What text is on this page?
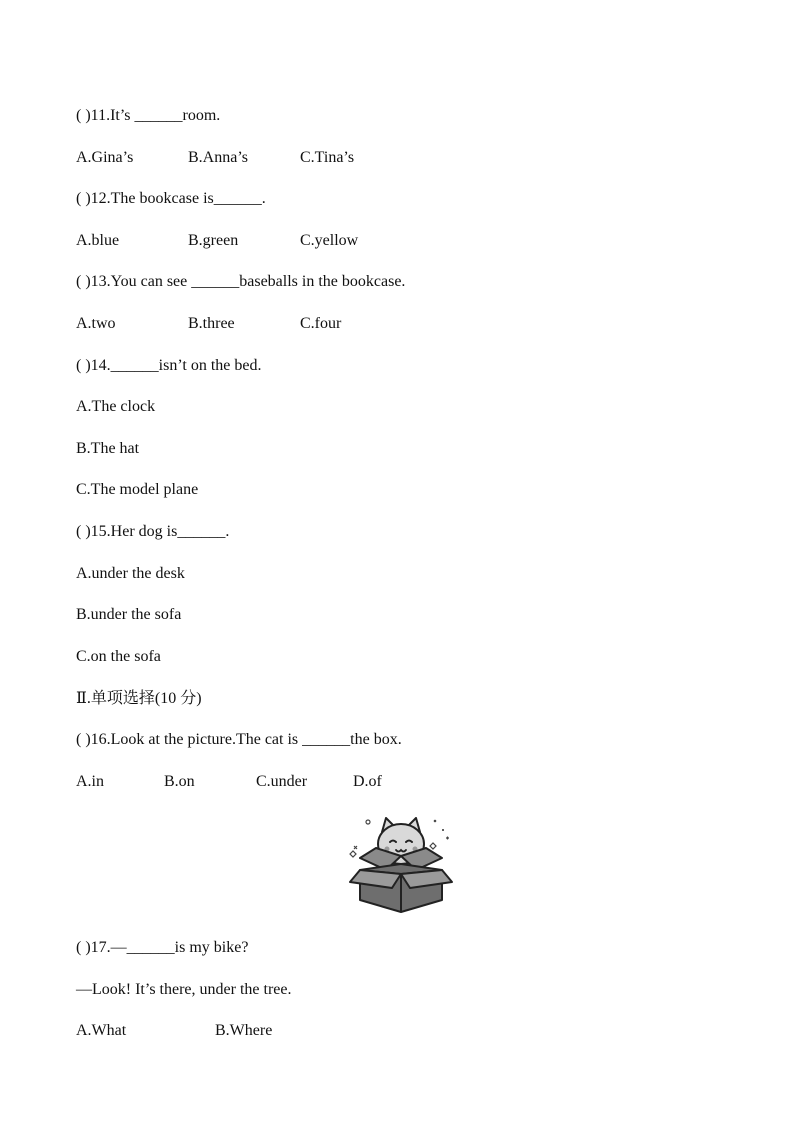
( )11.It’s ______room.
A.Gina’s	B.Anna’s	C.Tina’s
( )12.The bookcase is______.
A.blue	B.green	C.yellow
( )13.You can see ______baseballs in the bookcase.
A.two	B.three	C.four
( )14.______isn’t on the bed.
A.The clock
B.The hat
C.The model plane
( )15.Her dog is______.
A.under the desk
B.under the sofa
C.on the sofa
Ⅱ.单项选择(10 分)
( )16.Look at the picture.The cat is ______the box.
A.in	B.on	C.under	D.of
( )17.—______is my bike?
—Look! It’s there, under the tree.
A.What	B.Where
